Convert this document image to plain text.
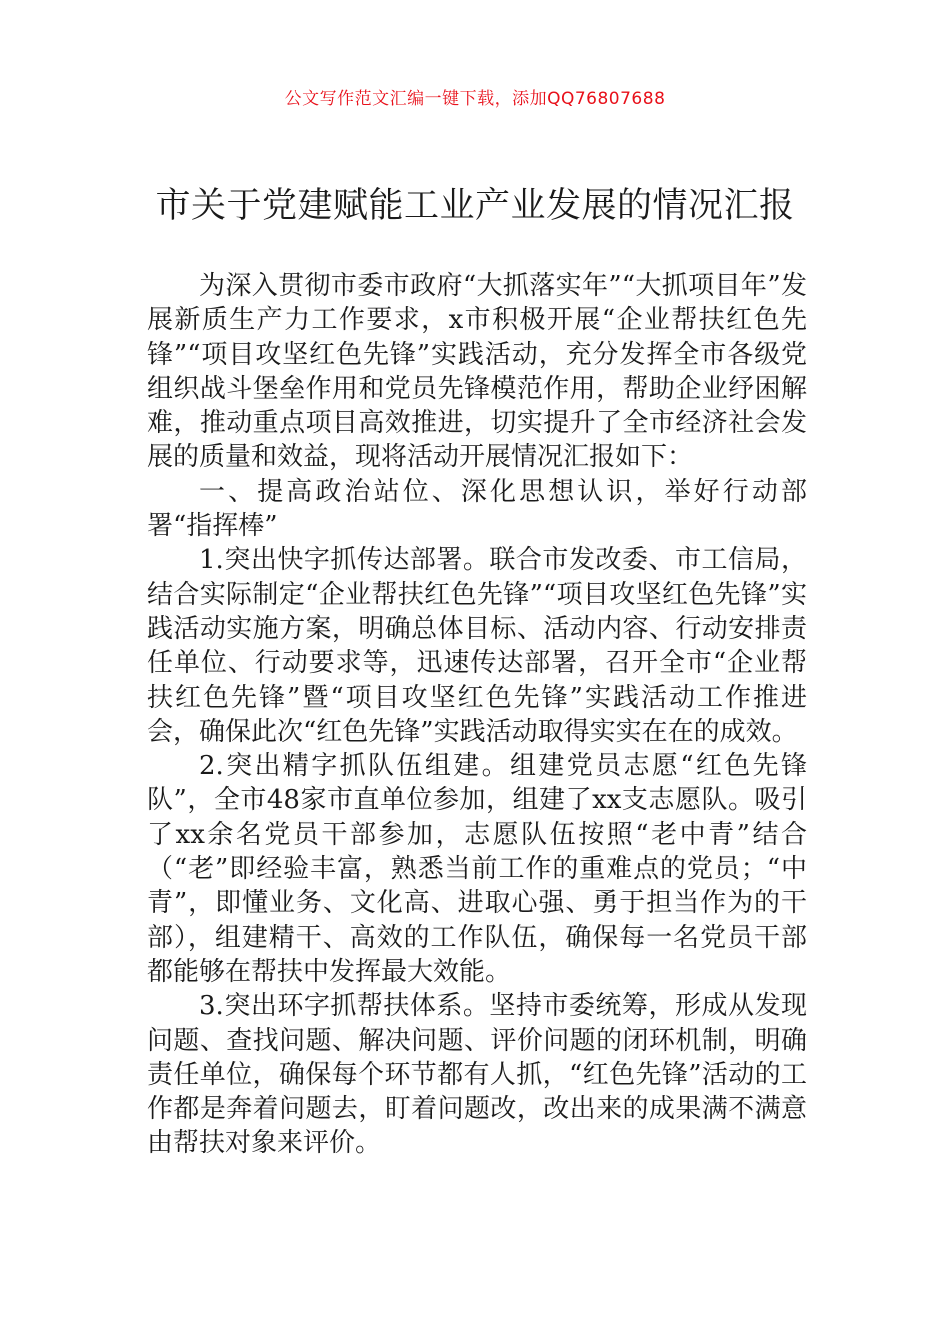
公文写作范文汇编一键下载，添加QQ76807688
市关于党建赋能工业产业发展的情况汇报

为深入贯彻市委市政府“大抓落实年”“大抓项目年”发展新质生产力工作要求，x市积极开展“企业帮扶红色先锋”“项目攻坚红色先锋”实践活动，充分发挥全市各级党组织战斗堡垒作用和党员先锋模范作用，帮助企业纾困解难，推动重点项目高效推进，切实提升了全市经济社会发展的质量和效益，现将活动开展情况汇报如下：

一、提高政治站位、深化思想认识，举好行动部署“指挥棒”

1.突出快字抓传达部署。联合市发改委、市工信局，结合实际制定“企业帮扶红色先锋”“项目攻坚红色先锋”实践活动实施方案，明确总体目标、活动内容、行动安排责任单位、行动要求等，迅速传达部署，召开全市“企业帮扶红色先锋”暨“项目攻坚红色先锋”实践活动工作推进会，确保此次“红色先锋”实践活动取得实实在在的成效。

2.突出精字抓队伍组建。组建党员志愿“红色先锋队”，全市48家市直单位参加，组建了xx支志愿队。吸引了xx余名党员干部参加，志愿队伍按照“老中青”结合（“老”即经验丰富，熟悉当前工作的重难点的党员；“中青”，即懂业务、文化高、进取心强、勇于担当作为的干部），组建精干、高效的工作队伍，确保每一名党员干部都能够在帮扶中发挥最大效能。

3.突出环字抓帮扶体系。坚持市委统筹，形成从发现问题、查找问题、解决问题、评价问题的闭环机制，明确责任单位，确保每个环节都有人抓，“红色先锋”活动的工作都是奔着问题去，盯着问题改，改出来的成果满不满意由帮扶对象来评价。
